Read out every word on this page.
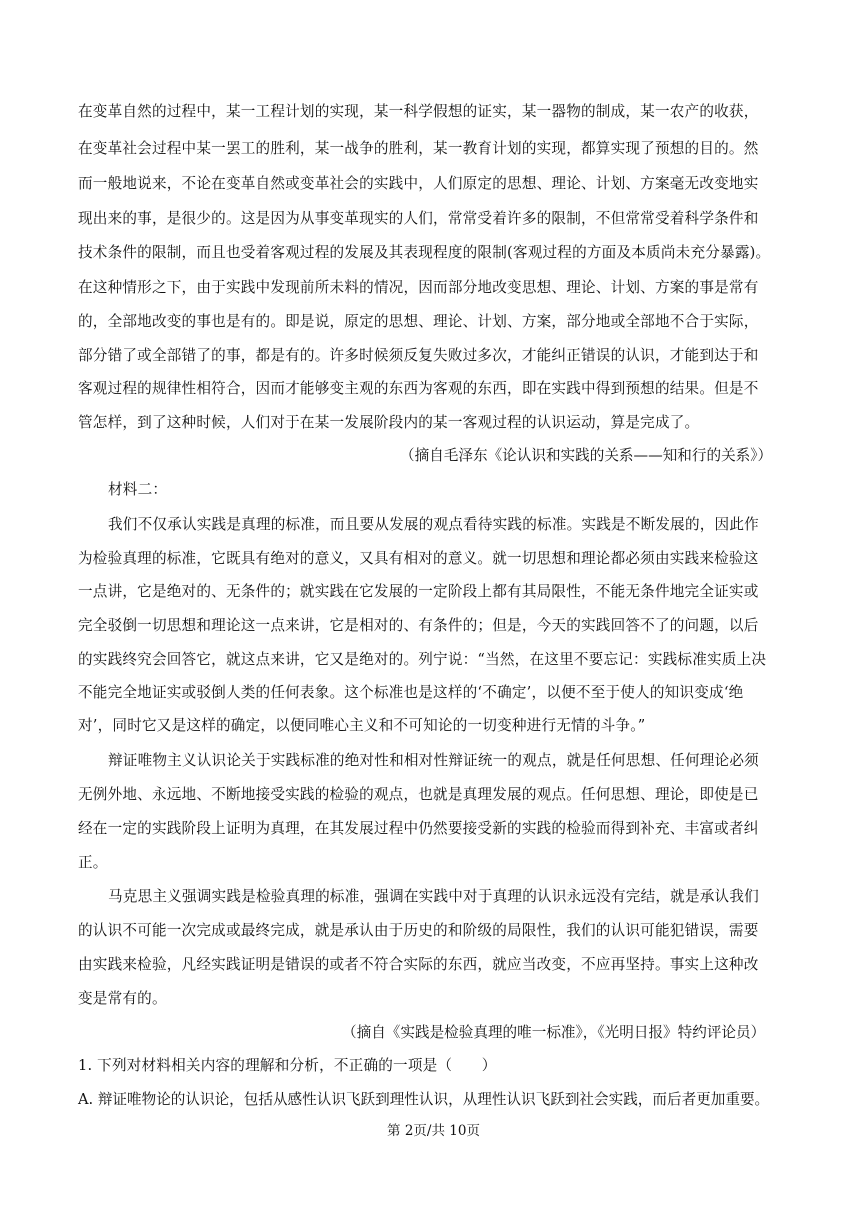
在变革自然的过程中，某一工程计划的实现，某一科学假想的证实，某一器物的制成，某一农产的收获，
在变革社会过程中某一罢工的胜利，某一战争的胜利，某一教育计划的实现，都算实现了预想的目的。然
而一般地说来，不论在变革自然或变革社会的实践中，人们原定的思想、理论、计划、方案毫无改变地实
现出来的事，是很少的。这是因为从事变革现实的人们，常常受着许多的限制，不但常常受着科学条件和
技术条件的限制，而且也受着客观过程的发展及其表现程度的限制(客观过程的方面及本质尚未充分暴露)。
在这种情形之下，由于实践中发现前所未料的情况，因而部分地改变思想、理论、计划、方案的事是常有
的，全部地改变的事也是有的。即是说，原定的思想、理论、计划、方案，部分地或全部地不合于实际，
部分错了或全部错了的事，都是有的。许多时候须反复失败过多次，才能纠正错误的认识，才能到达于和
客观过程的规律性相符合，因而才能够变主观的东西为客观的东西，即在实践中得到预想的结果。但是不
管怎样，到了这种时候，人们对于在某一发展阶段内的某一客观过程的认识运动，算是完成了。
（摘自毛泽东《论认识和实践的关系——知和行的关系》）
材料二：
我们不仅承认实践是真理的标准，而且要从发展的观点看待实践的标准。实践是不断发展的，因此作
为检验真理的标准，它既具有绝对的意义，又具有相对的意义。就一切思想和理论都必须由实践来检验这
一点讲，它是绝对的、无条件的；就实践在它发展的一定阶段上都有其局限性，不能无条件地完全证实或
完全驳倒一切思想和理论这一点来讲，它是相对的、有条件的；但是，今天的实践回答不了的问题，以后
的实践终究会回答它，就这点来讲，它又是绝对的。列宁说：“当然，在这里不要忘记：实践标准实质上决
不能完全地证实或驳倒人类的任何表象。这个标准也是这样的‘不确定’，以便不至于使人的知识变成‘绝
对’，同时它又是这样的确定，以便同唯心主义和不可知论的一切变种进行无情的斗争。”
辩证唯物主义认识论关于实践标准的绝对性和相对性辩证统一的观点，就是任何思想、任何理论必须
无例外地、永远地、不断地接受实践的检验的观点，也就是真理发展的观点。任何思想、理论，即使是已
经在一定的实践阶段上证明为真理，在其发展过程中仍然要接受新的实践的检验而得到补充、丰富或者纠
正。
马克思主义强调实践是检验真理的标准，强调在实践中对于真理的认识永远没有完结，就是承认我们
的认识不可能一次完成或最终完成，就是承认由于历史的和阶级的局限性，我们的认识可能犯错误，需要
由实践来检验，凡经实践证明是错误的或者不符合实际的东西，就应当改变，不应再坚持。事实上这种改
变是常有的。
（摘自《实践是检验真理的唯一标准》，《光明日报》特约评论员）
1. 下列对材料相关内容的理解和分析，不正确的一项是（　　）
A. 辩证唯物论的认识论，包括从感性认识飞跃到理性认识，从理性认识飞跃到社会实践，而后者更加重要。
第 2页/共 10页
